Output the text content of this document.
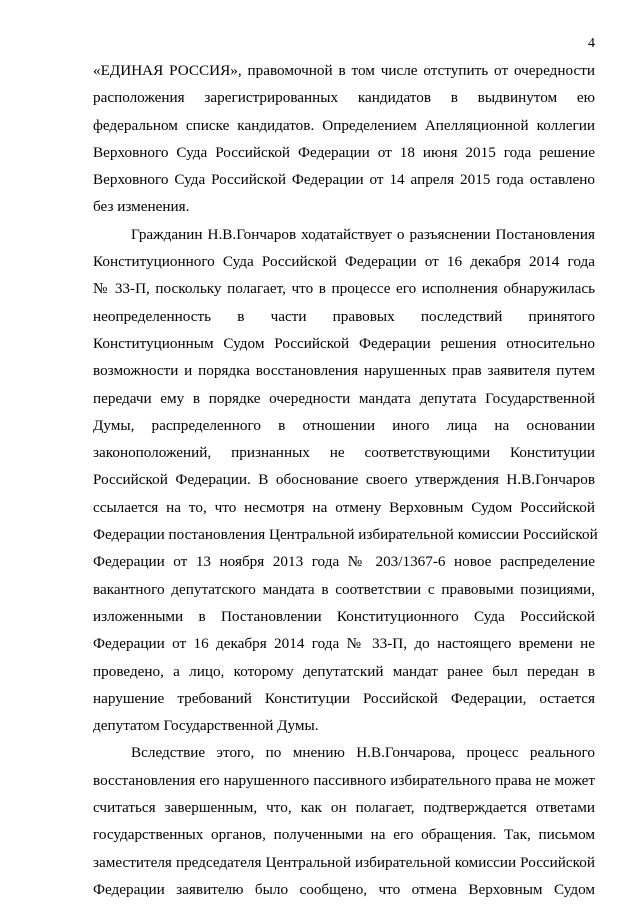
4
«ЕДИНАЯ РОССИЯ», правомочной в том числе отступить от очередности
расположения зарегистрированных кандидатов в выдвинутом ею
федеральном списке кандидатов. Определением Апелляционной коллегии
Верховного Суда Российской Федерации от 18 июня 2015 года решение
Верховного Суда Российской Федерации от 14 апреля 2015 года оставлено
без изменения.
Гражданин Н.В.Гончаров ходатайствует о разъяснении Постановления
Конституционного Суда Российской Федерации от 16 декабря 2014 года
№ 33-П, поскольку полагает, что в процессе его исполнения обнаружилась
неопределенность в части правовых последствий принятого
Конституционным Судом Российской Федерации решения относительно
возможности и порядка восстановления нарушенных прав заявителя путем
передачи ему в порядке очередности мандата депутата Государственной
Думы, распределенного в отношении иного лица на основании
законоположений, признанных не соответствующими Конституции
Российской Федерации. В обоснование своего утверждения Н.В.Гончаров
ссылается на то, что несмотря на отмену Верховным Судом Российской
Федерации постановления Центральной избирательной комиссии Российской
Федерации от 13 ноября 2013 года № 203/1367-6 новое распределение
вакантного депутатского мандата в соответствии с правовыми позициями,
изложенными в Постановлении Конституционного Суда Российской
Федерации от 16 декабря 2014 года № 33-П, до настоящего времени не
проведено, а лицо, которому депутатский мандат ранее был передан в
нарушение требований Конституции Российской Федерации, остается
депутатом Государственной Думы.
Вследствие этого, по мнению Н.В.Гончарова, процесс реального
восстановления его нарушенного пассивного избирательного права не может
считаться завершенным, что, как он полагает, подтверждается ответами
государственных органов, полученными на его обращения. Так, письмом
заместителя председателя Центральной избирательной комиссии Российской
Федерации заявителю было сообщено, что отмена Верховным Судом
